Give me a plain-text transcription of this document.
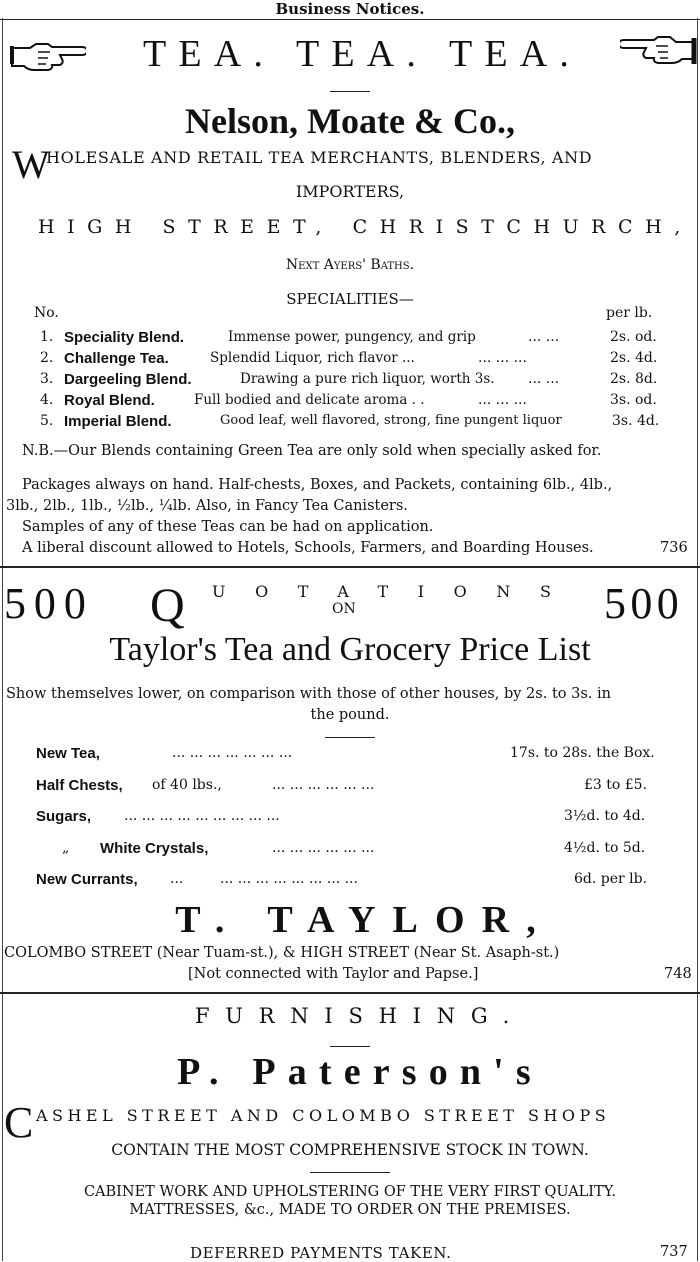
Business Notices.
TEA. TEA. TEA.
Nelson, Moate & Co.,
W
HOLESALE AND RETAIL TEA MERCHANTS, BLENDERS, AND
IMPORTERS,
HIGH STREET, CHRISTCHURCH,
Next Ayers' Baths.
SPECIALITIES—
No.	per lb.
1. Speciality Blend.	Immense power, pungency, and grip	... ...	2s. od.
2. Challenge Tea.	Splendid Liquor, rich flavor ...	... ... ...	2s. 4d.
3. Dargeeling Blend.	Drawing a pure rich liquor, worth 3s. ... ...	2s. 8d.
4. Royal Blend.	Full bodied and delicate aroma . .	... ... ...	3s. od.
5. Imperial Blend.	Good leaf, well flavored, strong, fine pungent liquor	3s. 4d.
N.B.—Our Blends containing Green Tea are only sold when specially asked for.
Packages always on hand. Half-chests, Boxes, and Packets, containing 6lb., 4lb.,
3lb., 2lb., 1lb., ½lb., ¼lb. Also, in Fancy Tea Canisters.
Samples of any of these Teas can be had on application.
A liberal discount allowed to Hotels, Schools, Farmers, and Boarding Houses.	736
500 Q UOTATIONS
ON	500
Taylor's Tea and Grocery Price List
Show themselves lower, on comparison with those of other houses, by 2s. to 3s. in
the pound.
New Tea,	... ... ... ... ... ... ...	17s. to 28s. the Box.
Half Chests, of 40 lbs.,	... ... ... ... ... ...	£3 to £5.
Sugars, ... ... ... ... ... ... ... ... ...	3½d. to 4d.
„ White Crystals,	... ... ... ... ... ...	4½d. to 5d.
New Currants, ...	... ... ... ... ... ... ... ...	6d. per lb.
T. TAYLOR,
COLOMBO STREET (Near Tuam-st.), & HIGH STREET (Near St. Asaph-st.)
[Not connected with Taylor and Papse.]	748
FURNISHING.
P. Paterson's
C ASHEL STREET AND COLOMBO STREET SHOPS
CONTAIN THE MOST COMPREHENSIVE STOCK IN TOWN.
CABINET WORK AND UPHOLSTERING OF THE VERY FIRST QUALITY.
MATTRESSES, &c., MADE TO ORDER ON THE PREMISES.
DEFERRED PAYMENTS TAKEN.	737
